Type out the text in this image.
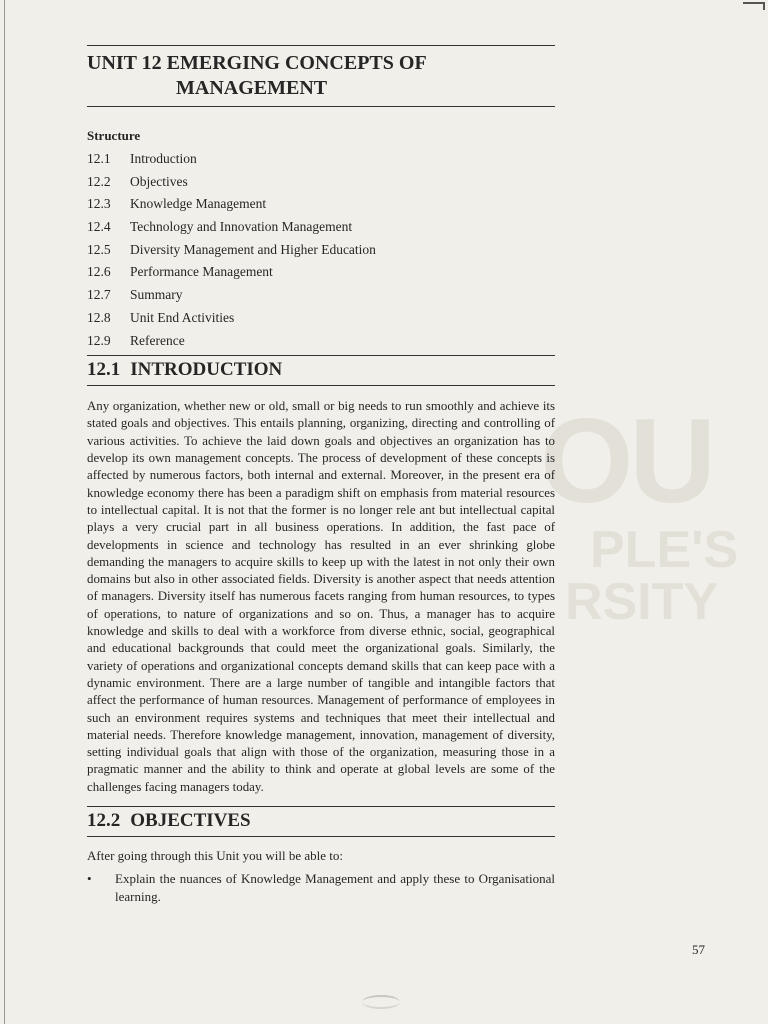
OU
PLE'S
RSITY
UNIT 12 EMERGING CONCEPTS OF
MANAGEMENT
Structure
12.1	Introduction
12.2	Objectives
12.3	Knowledge Management
12.4	Technology and Innovation Management
12.5	Diversity Management and Higher Education
12.6	Performance Management
12.7	Summary
12.8	Unit End Activities
12.9	Reference
12.1 INTRODUCTION

Any organization, whether new or old, small or big needs to run smoothly and achieve its stated goals and objectives. This entails planning, organizing, directing and controlling of various activities. To achieve the laid down goals and objectives an organization has to develop its own management concepts. The process of development of these concepts is affected by numerous factors, both internal and external. Moreover, in the present era of knowledge economy there has been a paradigm shift on emphasis from material resources to intellectual capital. It is not that the former is no longer rele ant but intellectual capital plays a very crucial part in all business operations. In addition, the fast pace of developments in science and technology has resulted in an ever shrinking globe demanding the managers to acquire skills to keep up with the latest in not only their own domains but also in other associated fields. Diversity is another aspect that needs attention of managers. Diversity itself has numerous facets ranging from human resources, to types of operations, to nature of organizations and so on. Thus, a manager has to acquire knowledge and skills to deal with a workforce from diverse ethnic, social, geographical and educational backgrounds that could meet the organizational goals. Similarly, the variety of operations and organizational concepts demand skills that can keep pace with a dynamic environment. There are a large number of tangible and intangible factors that affect the performance of human resources. Management of performance of employees in such an environment requires systems and techniques that meet their intellectual and material needs. Therefore knowledge management, innovation, management of diversity, setting individual goals that align with those of the organization, measuring those in a pragmatic manner and the ability to think and operate at global levels are some of the challenges facing managers today.

12.2 OBJECTIVES
After going through this Unit you will be able to:
• Explain the nuances of Knowledge Management and apply these to Organisational learning.
57
